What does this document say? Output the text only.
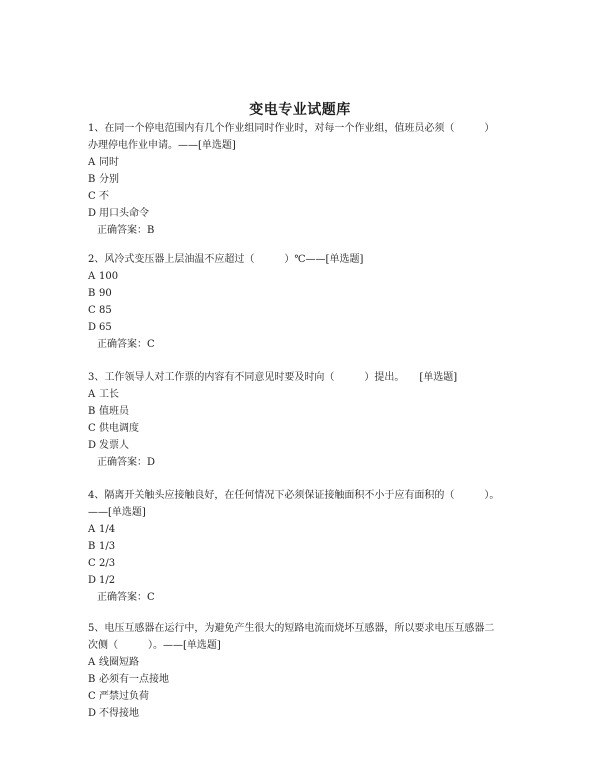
变电专业试题库

1、在同一个停电范围内有几个作业组同时作业时，对每一个作业组，值班员必须（　　　）

办理停电作业申请。——[单选题]

A 同时

B 分别

C 不

D 用口头命令

正确答案：B

2、风冷式变压器上层油温不应超过（　　　）℃——[单选题]

A 100

B 90

C 85

D 65

正确答案：C

3、工作领导人对工作票的内容有不同意见时要及时向（　　　）提出。　　[单选题]

A 工长

B 值班员

C 供电调度

D 发票人

正确答案：D

4、隔离开关触头应接触良好，在任何情况下必须保证接触面积不小于应有面积的（　　　）。

——[单选题]

A 1/4

B 1/3

C 2/3

D 1/2

正确答案：C

5、电压互感器在运行中，为避免产生很大的短路电流而烧坏互感器，所以要求电压互感器二

次侧（　　　）。——[单选题]

A 线圈短路

B 必须有一点接地

C 严禁过负荷

D 不得接地
